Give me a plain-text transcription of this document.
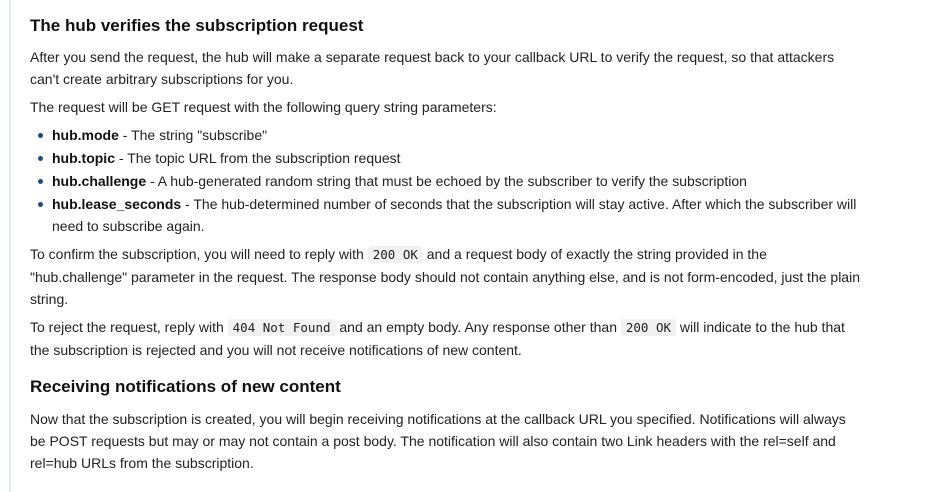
The hub verifies the subscription request

After you send the request, the hub will make a separate request back to your callback URL to verify the request, so that attackers can't create arbitrary subscriptions for you.

The request will be GET request with the following query string parameters:

hub.mode - The string "subscribe"
hub.topic - The topic URL from the subscription request
hub.challenge - A hub-generated random string that must be echoed by the subscriber to verify the subscription
hub.lease_seconds - The hub-determined number of seconds that the subscription will stay active. After which the subscriber will need to subscribe again.

To confirm the subscription, you will need to reply with 200 OK and a request body of exactly the string provided in the "hub.challenge" parameter in the request. The response body should not contain anything else, and is not form-encoded, just the plain string.

To reject the request, reply with 404 Not Found and an empty body. Any response other than 200 OK will indicate to the hub that the subscription is rejected and you will not receive notifications of new content.

Receiving notifications of new content

Now that the subscription is created, you will begin receiving notifications at the callback URL you specified. Notifications will always be POST requests but may or may not contain a post body. The notification will also contain two Link headers with the rel=self and rel=hub URLs from the subscription.
